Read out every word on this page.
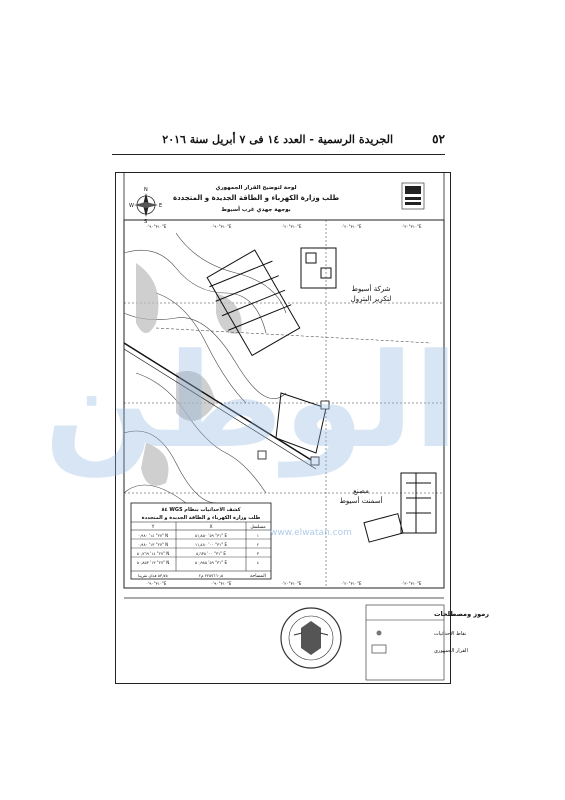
٥٢
الجريدة الرسمية - العدد ١٤ فى ٧ أبريل سنة ٢٠١٦
N
S
W	E
لوحة لتوضيح القرار الجمهوري
طلب وزارة الكهرباء و الطاقة الجديدة و المتجددة
بوجهة جهدي غرب أسيوط
٣١٠°٩٠'٠"E	٣١٠°٩٠'٠"E	٣١٠°٢٠'٠"E	٣١٠°٢٠'٠"E	٣١٠°٣٠'٠"E
٣١٠°٩٠'٠"E	٣١٠°٩٠'٠"E	٣١٠°٢٠'٠"E	٣١٠°٢٠'٠"E	٣١٠°٣٠'٠"E
شركة أسيوط
لتكرير البترول
مصنع
أسمنت أسيوط
كشف الاحداثيات بنظام WGS ٨٤
طلب وزارة الكهرباء و الطاقة الجديدة و المتجددة
Y	X	مسلسل
٢٧° ١٤' ٠٫٩٨٠" N	٣١° ٥٩' ٥١٫٨٥٠" E	١
٢٧° ١٣' ٠٫٩٨٠" N	٣١° ٠٠' ١١٫٤٨٠" E	٢
٢٧° ١٤' ٥٠٫٢٦٩" N	٣١° ٠٠' ٥٫٦٣٥" E	٣
٢٧° ١٣' ٥٠٫٨٥٣" N	٣١° ٥٩' ٥٠٫٩٨٥" E	٤
المساحة
٢٢٥٧٦٦٠٫٥ م٢
٥٣٫٧٥ فدان تقريبا
رموز ومصطلحات
نقاط الاحداثيات
القرار الجمهوري
الوطن
www.elwatan.com
